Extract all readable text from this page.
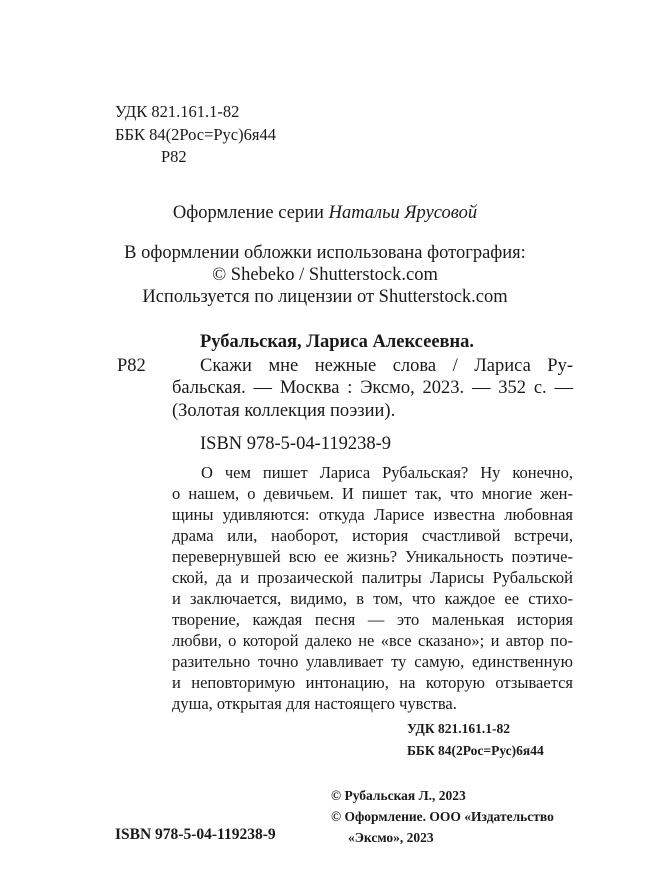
УДК 821.161.1-82
ББК 84(2Рос=Рус)6я44
Р82
Оформление серии Натальи Ярусовой
В оформлении обложки использована фотография:
© Shebeko / Shutterstock.com
Используется по лицензии от Shutterstock.com
Рубальская, Лариса Алексеевна.
Р82	Скажи мне нежные слова / Лариса Ру-
бальская. — Москва : Эксмо, 2023. — 352 с. —
(Золотая коллекция поэзии).
ISBN 978-5-04-119238-9
О чем пишет Лариса Рубальская? Ну конечно,
о нашем, о девичьем. И пишет так, что многие жен-
щины удивляются: откуда Ларисе известна любовная
драма или, наоборот, история счастливой встречи,
перевернувшей всю ее жизнь? Уникальность поэтиче-
ской, да и прозаической палитры Ларисы Рубальской
и заключается, видимо, в том, что каждое ее стихо-
творение, каждая песня — это маленькая история
любви, о которой далеко не «все сказано»; и автор по-
разительно точно улавливает ту самую, единственную
и неповторимую интонацию, на которую отзывается
душа, открытая для настоящего чувства.
УДК 821.161.1-82
ББК 84(2Рос=Рус)6я44
© Рубальская Л., 2023
© Оформление. ООО «Издательство
«Эксмо», 2023
ISBN 978-5-04-119238-9
